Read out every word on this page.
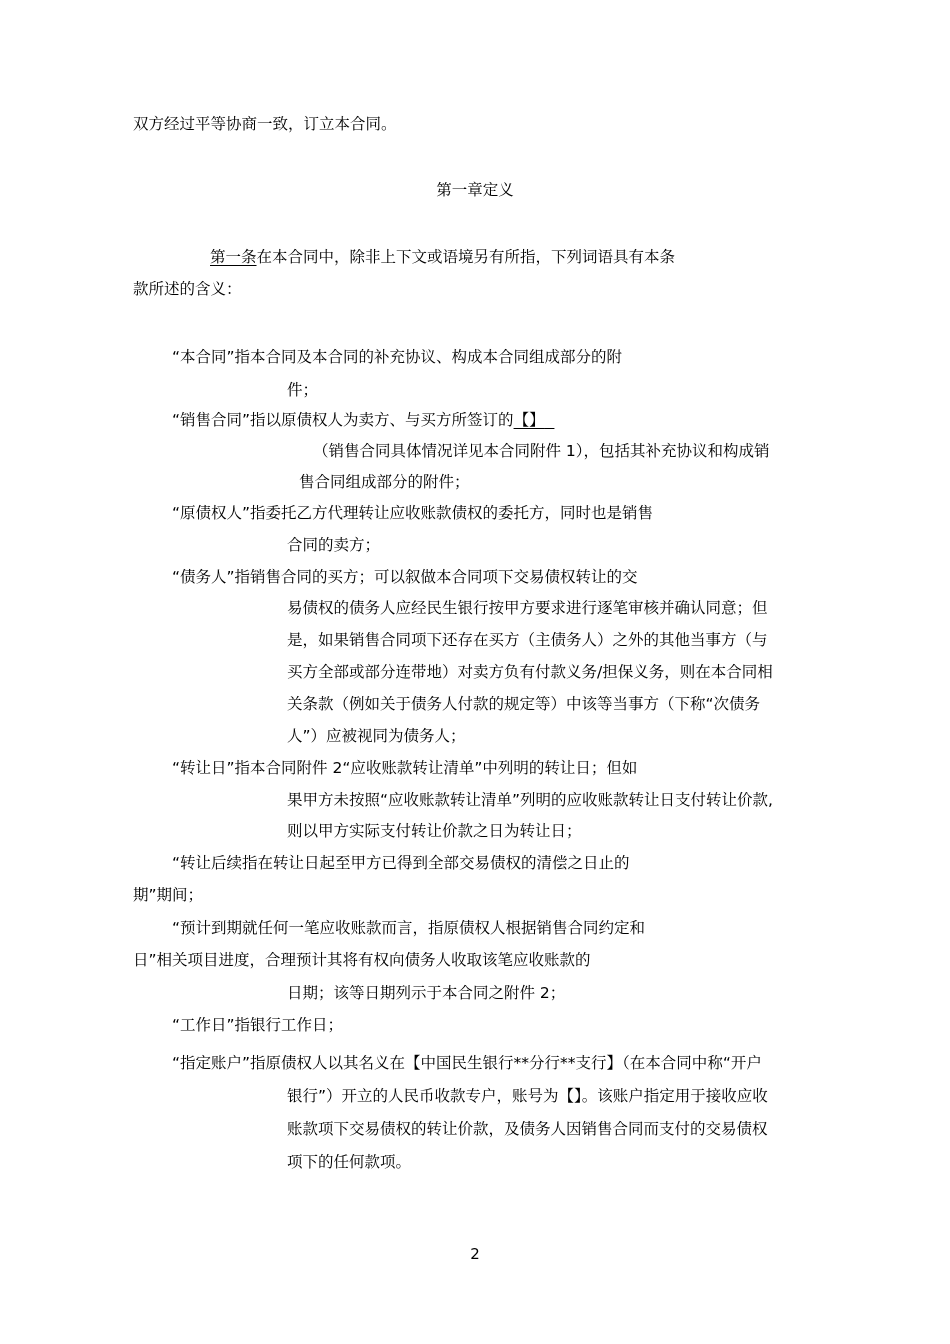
双方经过平等协商一致，订立本合同。

第一章定义

第一条在本合同中，除非上下文或语境另有所指，下列词语具有本条

款所述的含义：

“本合同”指本合同及本合同的补充协议、构成本合同组成部分的附

件；

“销售合同”指以原债权人为卖方、与买方所签订的【】

（销售合同具体情况详见本合同附件 1），包括其补充协议和构成销

售合同组成部分的附件；

“原债权人”指委托乙方代理转让应收账款债权的委托方，同时也是销售

合同的卖方；

“债务人”指销售合同的买方；可以叙做本合同项下交易债权转让的交

易债权的债务人应经民生银行按甲方要求进行逐笔审核并确认同意；但

是，如果销售合同项下还存在买方（主债务人）之外的其他当事方（与

买方全部或部分连带地）对卖方负有付款义务/担保义务，则在本合同相

关条款（例如关于债务人付款的规定等）中该等当事方（下称“次债务

人”）应被视同为债务人；

“转让日”指本合同附件 2“应收账款转让清单”中列明的转让日；但如

果甲方未按照“应收账款转让清单”列明的应收账款转让日支付转让价款,

则以甲方实际支付转让价款之日为转让日；

“转让后续指在转让日起至甲方已得到全部交易债权的清偿之日止的

期”期间；

“预计到期就任何一笔应收账款而言，指原债权人根据销售合同约定和

日”相关项目进度，合理预计其将有权向债务人收取该笔应收账款的

日期；该等日期列示于本合同之附件 2；

“工作日”指银行工作日；

“指定账户”指原债权人以其名义在【中国民生银行**分行**支行】（在本合同中称“开户

银行”）开立的人民币收款专户，账号为【】。该账户指定用于接收应收

账款项下交易债权的转让价款，及债务人因销售合同而支付的交易债权

项下的任何款项。

2
